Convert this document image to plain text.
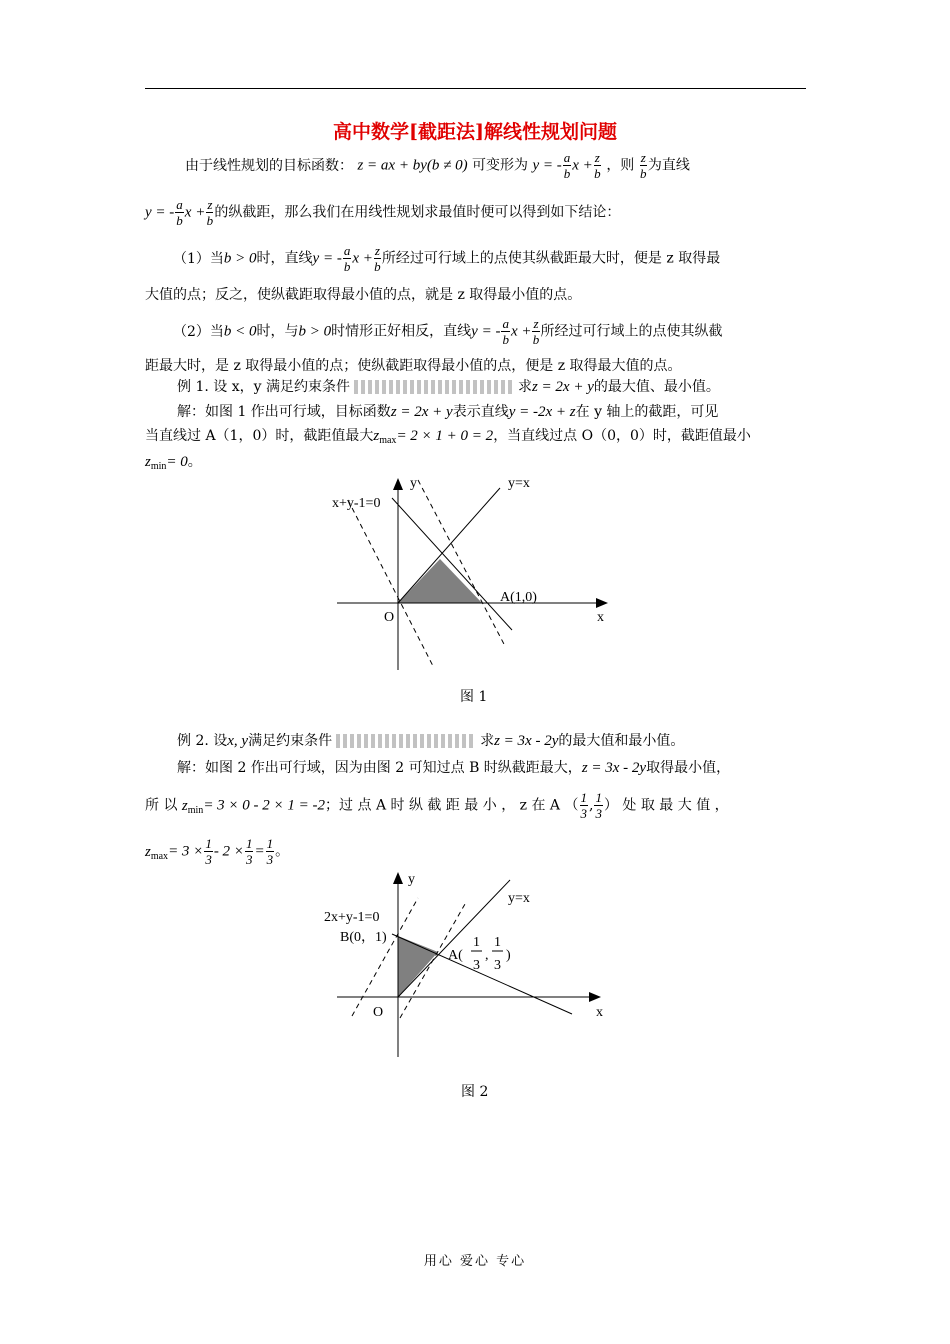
高中数学[截距法]解线性规划问题
由于线性规划的目标函数： z = ax + by(b ≠ 0) 可变形为 y = - $\frac{a}{b}$ $x + \frac{z}{b}$ ，则 $\frac{z}{b}$ 为直线
y = - $\frac{a}{b}$ $x + \frac{z}{b}$ 的纵截距，那么我们在用线性规划求最值时便可以得到如下结论：
（1）当b > 0时，直线y = - $\frac{a}{b}$ $x + \frac{z}{b}$ 所经过可行域上的点使其纵截距最大时，便是 z 取得最
大值的点；反之，使纵截距取得最小值的点，就是 z 取得最小值的点。
（2）当b < 0时，与b > 0时情形正好相反，直线y = - $\frac{a}{b}$ $x + \frac{z}{b}$ 所经过可行域上的点使其纵截
距最大时，是 z 取得最小值的点；使纵截距取得最小值的点，便是 z 取得最大值的点。
例 1. 设 x，y 满足约束条件	求z = 2x + y的最大值、最小值。
解：如图 1 作出可行域，目标函数z = 2x + y表示直线y = -2x + z在 y 轴上的截距，可见
当直线过 A（1，0）时，截距值最大$z_{max}= 2 \times 1 + 0 = 2$，当直线过点 O（0，0）时，截距值最小
$z_{min}= 0$。
y	y=x
x+y-1=0
A(1,0)
O	x
图 1
例 2. 设x, y满足约束条件	求z = 3x - 2y的最大值和最小值。
解：如图 2 作出可行域，因为由图 2 可知过点 B 时纵截距最大，z = 3x - 2y取得最小值，
所 以 $z_{min}= 3 \times 0 - 2 \times 1 = -2$；过 点 A 时 纵 截 距 最 小 ， z 在 A （ $\frac{1}{3}$ , $\frac{1}{3}$ ） 处 取 最 大 值 ，
$z_{max}= 3 \times \frac{1}{3} - 2 \times \frac{1}{3} = \frac{1}{3}$ 。
y
y=x
2x+y-1=0
B(0，1)
A(
1
3
,
1
3
)
O	x
图 2
用心 爱心 专心
